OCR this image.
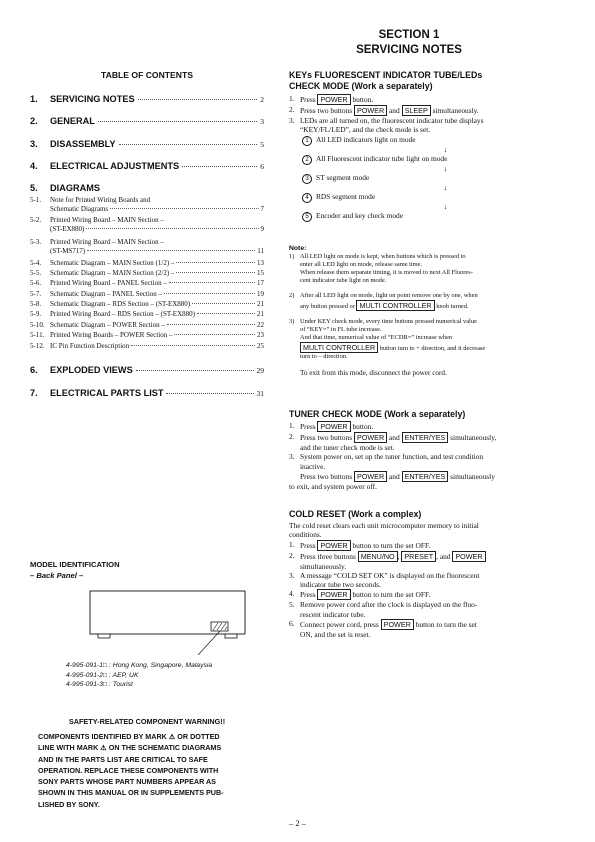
SECTION 1
SERVICING NOTES
TABLE OF CONTENTS
1.	SERVICING NOTES	2
2.	GENERAL	3
3.	DISASSEMBLY	5
4.	ELECTRICAL ADJUSTMENTS	6
5.	DIAGRAMS
5-1. Note for Printed Wiring Boards and
Schematic Diagrams	7
5-2. Printed Wiring Board – MAIN Section –
(ST-EX880)	9
5-3. Printed Wiring Board – MAIN Section –
(ST-MS717)	11
5-4.	Schematic Diagram – MAIN Section (1/2) –	13
5-5.	Schematic Diagram – MAIN Section (2/2) –	15
5-6.	Printed Wiring Board – PANEL Section –	17
5-7.	Schematic Diagram – PANEL Section –	19
5-8.	Schematic Diagram – RDS Section – (ST-EX880)	21
5-9.	Printed Wiring Board – RDS Section – (ST-EX880)	21
5-10. Schematic Diagram – POWER Section –	22
5-11. Printed Wiring Boards – POWER Section –	23
5-12. IC Pin Function Description	25
6.	EXPLODED VIEWS	29
7.	ELECTRICAL PARTS LIST	31
MODEL IDENTIFICATION
– Back Panel –
4-995-091-1□ : Hong Kong, Singapore, Malaysia
4-995-091-2□ : AEP, UK
4-995-091-3□ : Tourist
SAFETY-RELATED COMPONENT WARNING!!
COMPONENTS IDENTIFIED BY MARK ⚠ OR DOTTED
LINE WITH MARK ⚠ ON THE SCHEMATIC DIAGRAMS
AND IN THE PARTS LIST ARE CRITICAL TO SAFE
OPERATION. REPLACE THESE COMPONENTS WITH
SONY PARTS WHOSE PART NUMBERS APPEAR AS
SHOWN IN THIS MANUAL OR IN SUPPLEMENTS PUB-
LISHED BY SONY.
KEYs FLUORESCENT INDICATOR TUBE/LEDs
CHECK MODE (Work a separately)
1. Press POWER button.
2. Press two buttons POWER and SLEEP simultaneously.
3. LEDs are all turned on, the fluorescent indicator tube displays
“KEY/FL/LED”, and the check mode is set.
1 All LED indicators light on mode
↓
2 All Fluorescent indicator tube light on mode
↓
3 ST segment mode
↓
4 RDS segment mode
↓
5 Encoder and key check mode
Note:
1) All LED light on mode is kept, when buttons which is pressed to
enter all LED light on mode, release same time.
When release them separate timing, it is moved to next All Fluores-
cent indicator tube light on mode.
2) After all LED light on mode, light on point remove one by one, when
any button pressed or MULTI CONTROLLER knob turned.
3) Under KEY check mode, every time buttons pressed numerical value
of “KEY=” in FL tube increase.
And that time, numerical value of “ECDR=” increase when
MULTI CONTROLLER button turn to + direction, and it decrease
turn to – direction.
To exit from this mode, disconnect the power cord.
TUNER CHECK MODE (Work a separately)
1. Press POWER button.
2. Press two buttons POWER and ENTER/YES simultaneously,
and the tuner check mode is set.
3. System power on, set up the tuner function, and test condition
inactive.
Press two buttons POWER and ENTER/YES simultaneously
to exit, and system power off.
COLD RESET (Work a complex)
The cold reset clears each unit microcomputer memory to initial
conditions.
1. Press POWER button to turn the set OFF.
2. Press three buttons MENU/NO , PRESET , and POWER
simultaneously.
3. A message “COLD SET OK” is displayed on the fluorescent
indicator tube two seconds.
4. Press POWER button to turn the set OFF.
5. Remove power cord after the clock is displayed on the fluo-
rescent indicator tube.
6. Connect power cord, press POWER button to turn the set
ON, and the set is reset.
– 2 –
